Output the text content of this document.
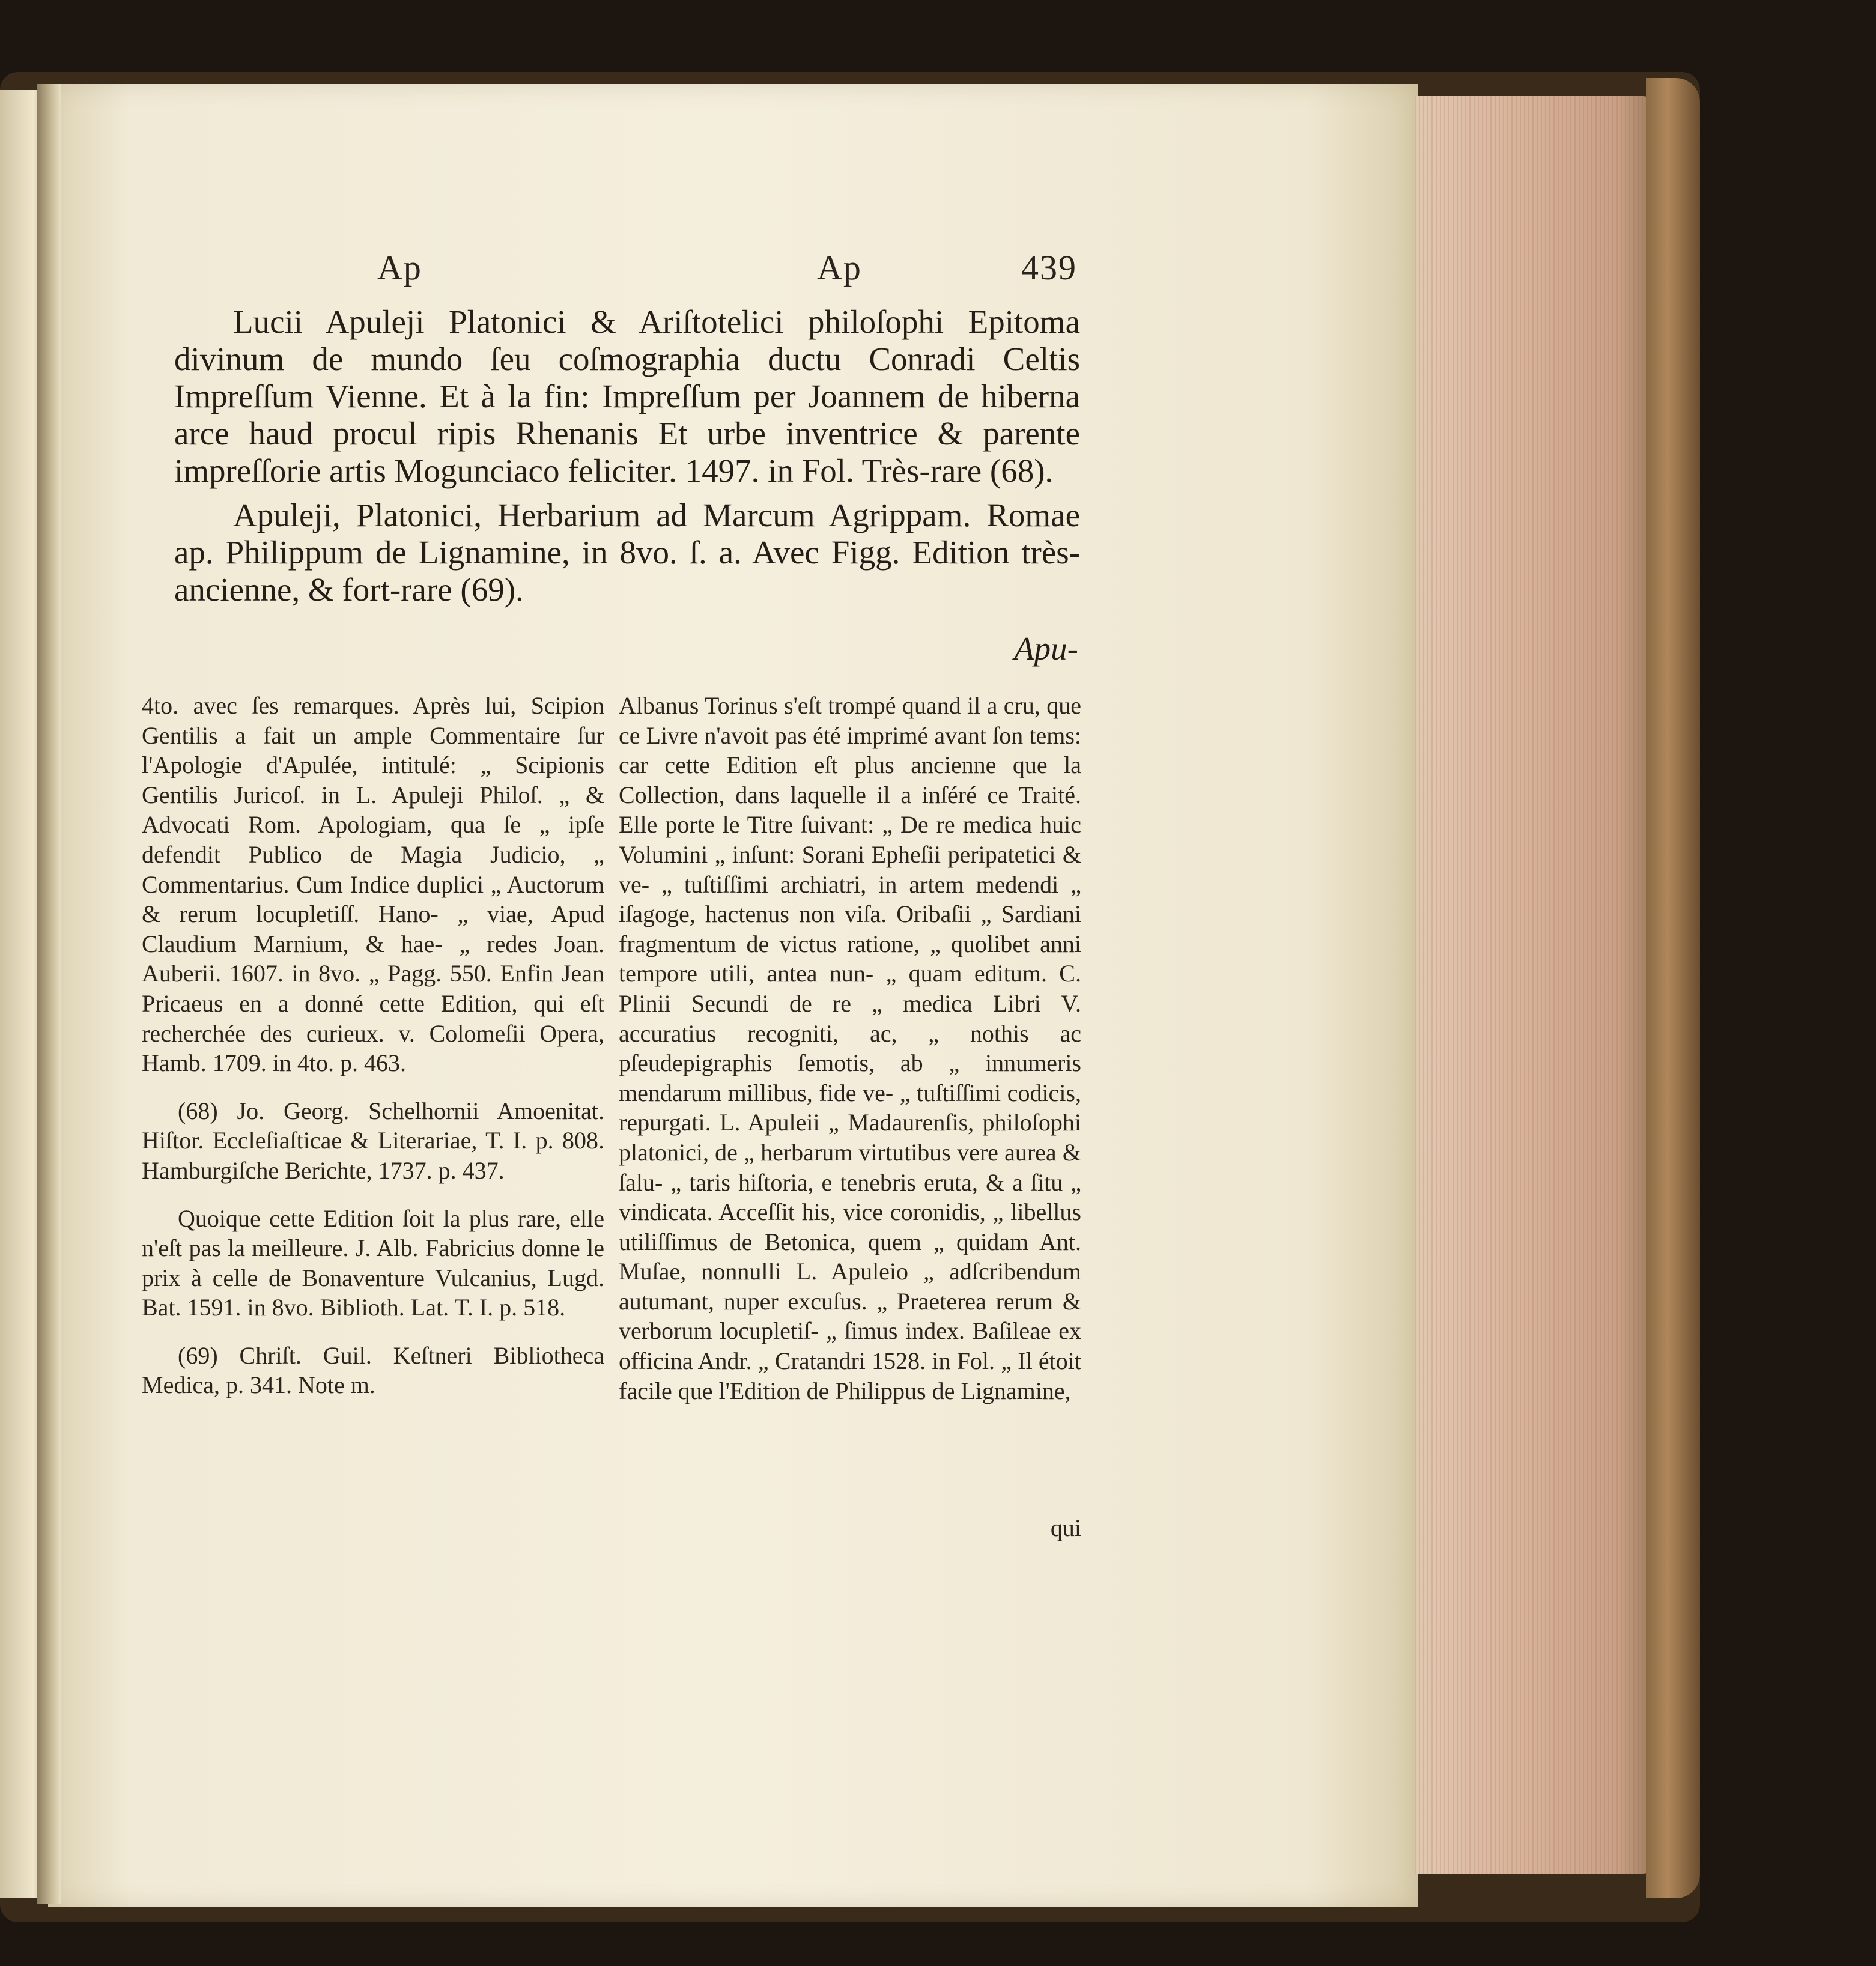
Ap	Ap	439

Lucii Apuleji Platonici & Ariſtotelici philoſophi Epitoma divinum de mundo ſeu coſmographia ductu Conradi Celtis Impreſſum Vienne. Et à la fin: Impreſſum per Joannem de hiberna arce haud procul ripis Rhenanis Et urbe inventrice & parente impreſſorie artis Moguncіaco feliciter. 1497. in Fol. Très-rare (68).

Apuleji, Platonici, Herbarium ad Marcum Agrippam. Romae ap. Philippum de Lignamine, in 8vo. ſ. a. Avec Figg. Edition très-ancienne, & fort-rare (69).

Apu-

4to. avec ſes remarques. Après lui, Scipion Gentilis a fait un ample Commentaire ſur l'Apologie d'Apulée, intitulé: „ Scipionis Gentilis Juricoſ. in L. Apuleji Philoſ. „ & Advocati Rom. Apologiam, qua ſe „ ipſe defendit Publico de Magia Judicio, „ Commentarius. Cum Indice duplici „ Auctorum & rerum locupletiſſ. Hano- „ viae, Apud Claudium Marnium, & hae- „ redes Joan. Auberii. 1607. in 8vo. „ Pagg. 550. Enfin Jean Pricaeus en a donné cette Edition, qui eſt recherchée des curieux. v. Colomeſii Opera, Hamb. 1709. in 4to. p. 463.

(68) Jo. Georg. Schelhornii Amoenitat. Hiſtor. Eccleſiaſticae & Literariae, T. I. p. 808. Hamburgiſche Berichte, 1737. p. 437.

Quoique cette Edition ſoit la plus rare, elle n'eſt pas la meilleure. J. Alb. Fabricius donne le prix à celle de Bonaventure Vulcanius, Lugd. Bat. 1591. in 8vo. Biblioth. Lat. T. I. p. 518.

(69) Chriſt. Guil. Keſtneri Bibliotheca Medica, p. 341. Note m.

Albanus Torinus s'eſt trompé quand il a cru, que ce Livre n'avoit pas été imprimé avant ſon tems: car cette Edition eſt plus ancienne que la Collection, dans laquelle il a inſéré ce Traité. Elle porte le Titre ſuivant: „ De re medica huic Volumini „ inſunt: Sorani Epheſii peripatetici & ve- „ tuſtiſſimi archiatri, in artem medendi „ iſagoge, hactenus non viſa. Oribaſii „ Sardiani fragmentum de victus ratione, „ quolibet anni tempore utili, antea nun- „ quam editum. C. Plinii Secundi de re „ medica Libri V. accuratius recogniti, ac, „ nothis ac pſeudepigraphis ſemotis, ab „ innumeris mendarum millibus, fide ve- „ tuſtiſſimi codicis, repurgati. L. Apuleii „ Madaurenſis, philoſophi platonici, de „ herbarum virtutibus vere aurea & ſalu- „ taris hiſtoria, e tenebris eruta, & a ſitu „ vindicata. Acceſſit his, vice coronidis, „ libellus utiliſſimus de Betonica, quem „ quidam Ant. Muſae, nonnulli L. Apuleio „ adſcribendum autumant, nuper excuſus. „ Praeterea rerum & verborum locupletiſ- „ ſimus index. Baſileae ex officina Andr. „ Cratandri 1528. in Fol. „ Il étoit facile que l'Edition de Philippus de Lignamine,

qui
